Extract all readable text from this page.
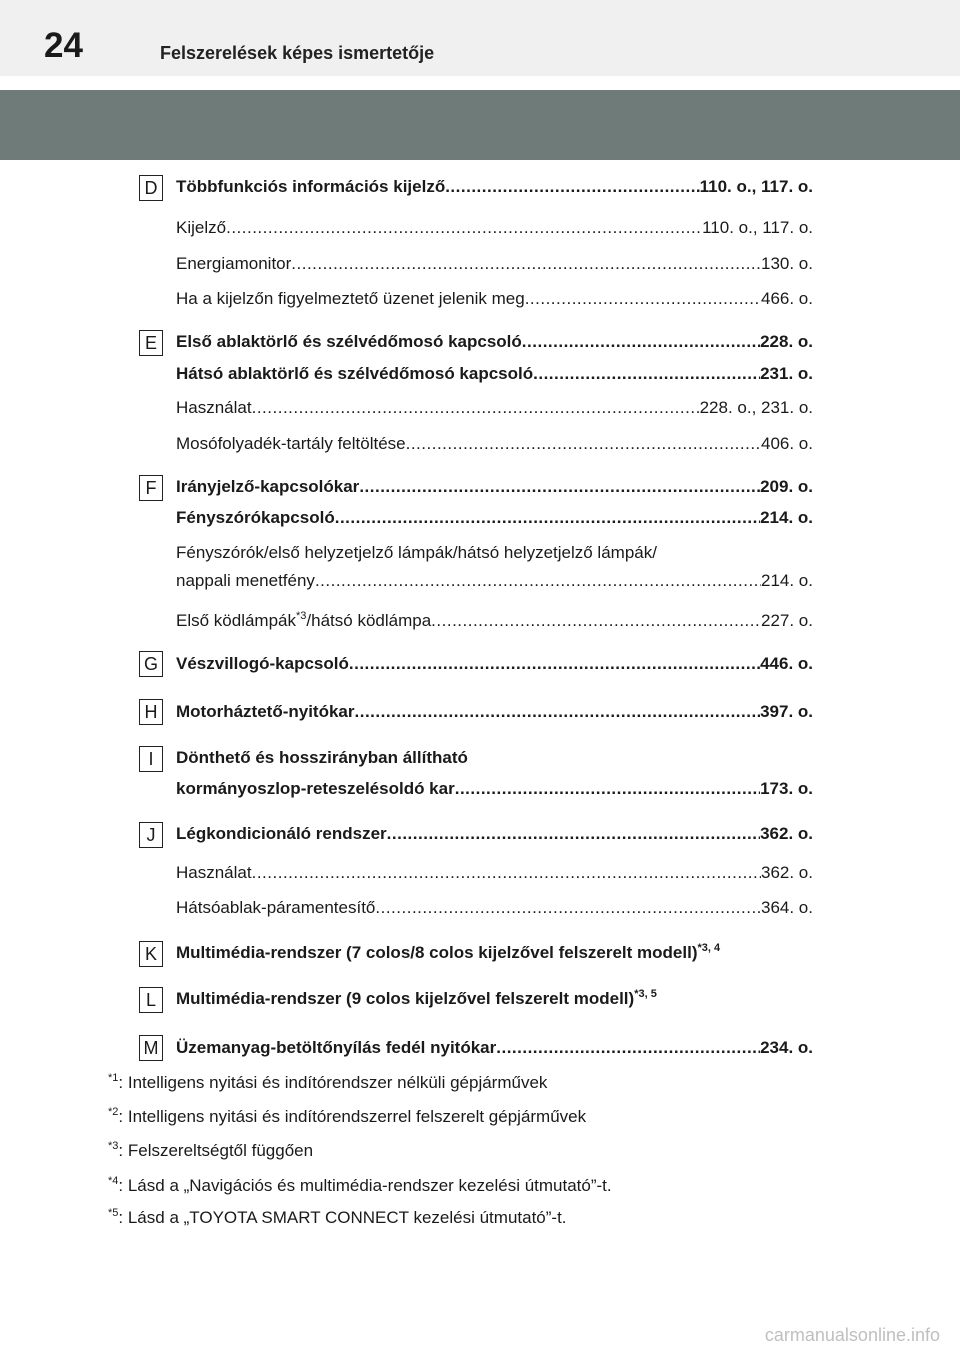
24	Felszerelések képes ismertetője
D	Többfunkciós információs kijelző .....	110. o., 117. o.
Kijelző .....	110. o., 117. o.
Energiamonitor .....	130. o.
Ha a kijelzőn figyelmeztető üzenet jelenik meg .....	466. o.
E	Első ablaktörlő és szélvédőmosó kapcsoló .....	228. o.
Hátsó ablaktörlő és szélvédőmosó kapcsoló .....	231. o.
Használat .....	228. o., 231. o.
Mosófolyadék-tartály feltöltése .....	406. o.
F	Irányjelző-kapcsolókar .....	209. o.
Fényszórókapcsoló .....	214. o.
Fényszórók/első helyzetjelző lámpák/hátsó helyzetjelző lámpák/
nappali menetfény .....	214. o.
Első ködlámpák$^{*3}$/hátsó ködlámpa .....	227. o.
G Vészvillogó-kapcsoló .....	446. o.
H	Motorháztető-nyitókar .....	397. o.
I	Dönthető és hosszirányban állítható
kormányoszlop-reteszelésoldó kar .....	173. o.
J	Légkondicionáló rendszer .....	362. o.
Használat .....	362. o.
Hátsóablak-páramentesítő .....	364. o.
K	Multimédia-rendszer (7 colos/8 colos kijelzővel felszerelt modell)$^{*3, 4}$
L	Multimédia-rendszer (9 colos kijelzővel felszerelt modell)$^{*3, 5}$
M Üzemanyag-betöltőnyílás fedél nyitókar .....	234. o.
$^{*1}$: Intelligens nyitási és indítórendszer nélküli gépjárművek
$^{*2}$: Intelligens nyitási és indítórendszerrel felszerelt gépjárművek
$^{*3}$: Felszereltségtől függően
$^{*4}$: Lásd a „Navigációs és multimédia-rendszer kezelési útmutató”-t.
$^{*5}$: Lásd a „TOYOTA SMART CONNECT kezelési útmutató”-t.
carmanualsonline.info
